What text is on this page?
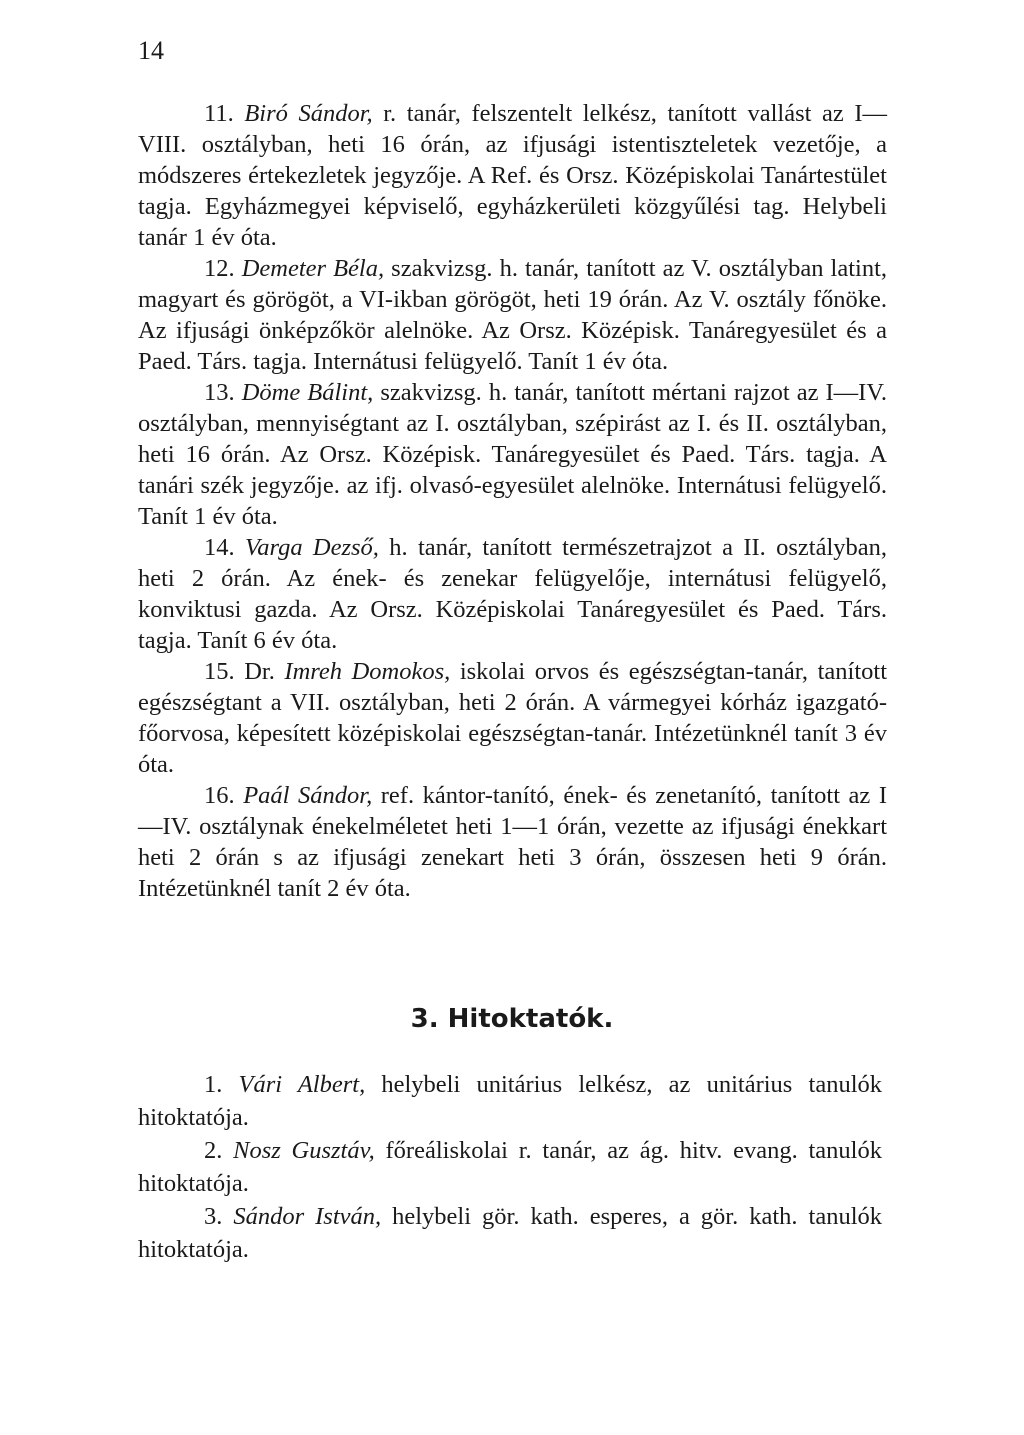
14

11. Biró Sándor, r. tanár, felszentelt lelkész, tanított vallást az I—VIII. osztályban, heti 16 órán, az ifjusági istentiszteletek vezetője, a módszeres értekezletek jegyzője. A Ref. és Orsz. Középiskolai Tanártestület tagja. Egyházmegyei képviselő, egyházkerületi közgyűlési tag. Helybeli tanár 1 év óta.

12. Demeter Béla, szakvizsg. h. tanár, tanított az V. osztályban latint, magyart és görögöt, a VI-ikban görögöt, heti 19 órán. Az V. osztály főnöke. Az ifjusági önképzőkör alelnöke. Az Orsz. Középisk. Tanáregyesület és a Paed. Társ. tagja. Internátusi felügyelő. Tanít 1 év óta.

13. Döme Bálint, szakvizsg. h. tanár, tanított mértani rajzot az I—IV. osztályban, mennyiségtant az I. osztályban, szépirást az I. és II. osztályban, heti 16 órán. Az Orsz. Középisk. Tanáregyesület és Paed. Társ. tagja. A tanári szék jegyzője. az ifj. olvasó-egyesület alelnöke. Internátusi felügyelő. Tanít 1 év óta.

14. Varga Dezső, h. tanár, tanított természetrajzot a II. osztályban, heti 2 órán. Az ének- és zenekar felügyelője, internátusi felügyelő, konviktusi gazda. Az Orsz. Középiskolai Tanáregyesület és Paed. Társ. tagja. Tanít 6 év óta.

15. Dr. Imreh Domokos, iskolai orvos és egészségtan-tanár, tanított egészségtant a VII. osztályban, heti 2 órán. A vármegyei kórház igazgató-főorvosa, képesített középiskolai egészségtan-tanár. Intézetünknél tanít 3 év óta.

16. Paál Sándor, ref. kántor-tanító, ének- és zenetanító, tanított az I—IV. osztálynak énekelméletet heti 1—1 órán, vezette az ifjusági énekkart heti 2 órán s az ifjusági zenekart heti 3 órán, összesen heti 9 órán. Intézetünknél tanít 2 év óta.

3. Hitoktatók.

1. Vári Albert, helybeli unitárius lelkész, az unitárius tanulók hitoktatója.

2. Nosz Gusztáv, főreáliskolai r. tanár, az ág. hitv. evang. tanulók hitoktatója.

3. Sándor István, helybeli gör. kath. esperes, a gör. kath. tanulók hitoktatója.
